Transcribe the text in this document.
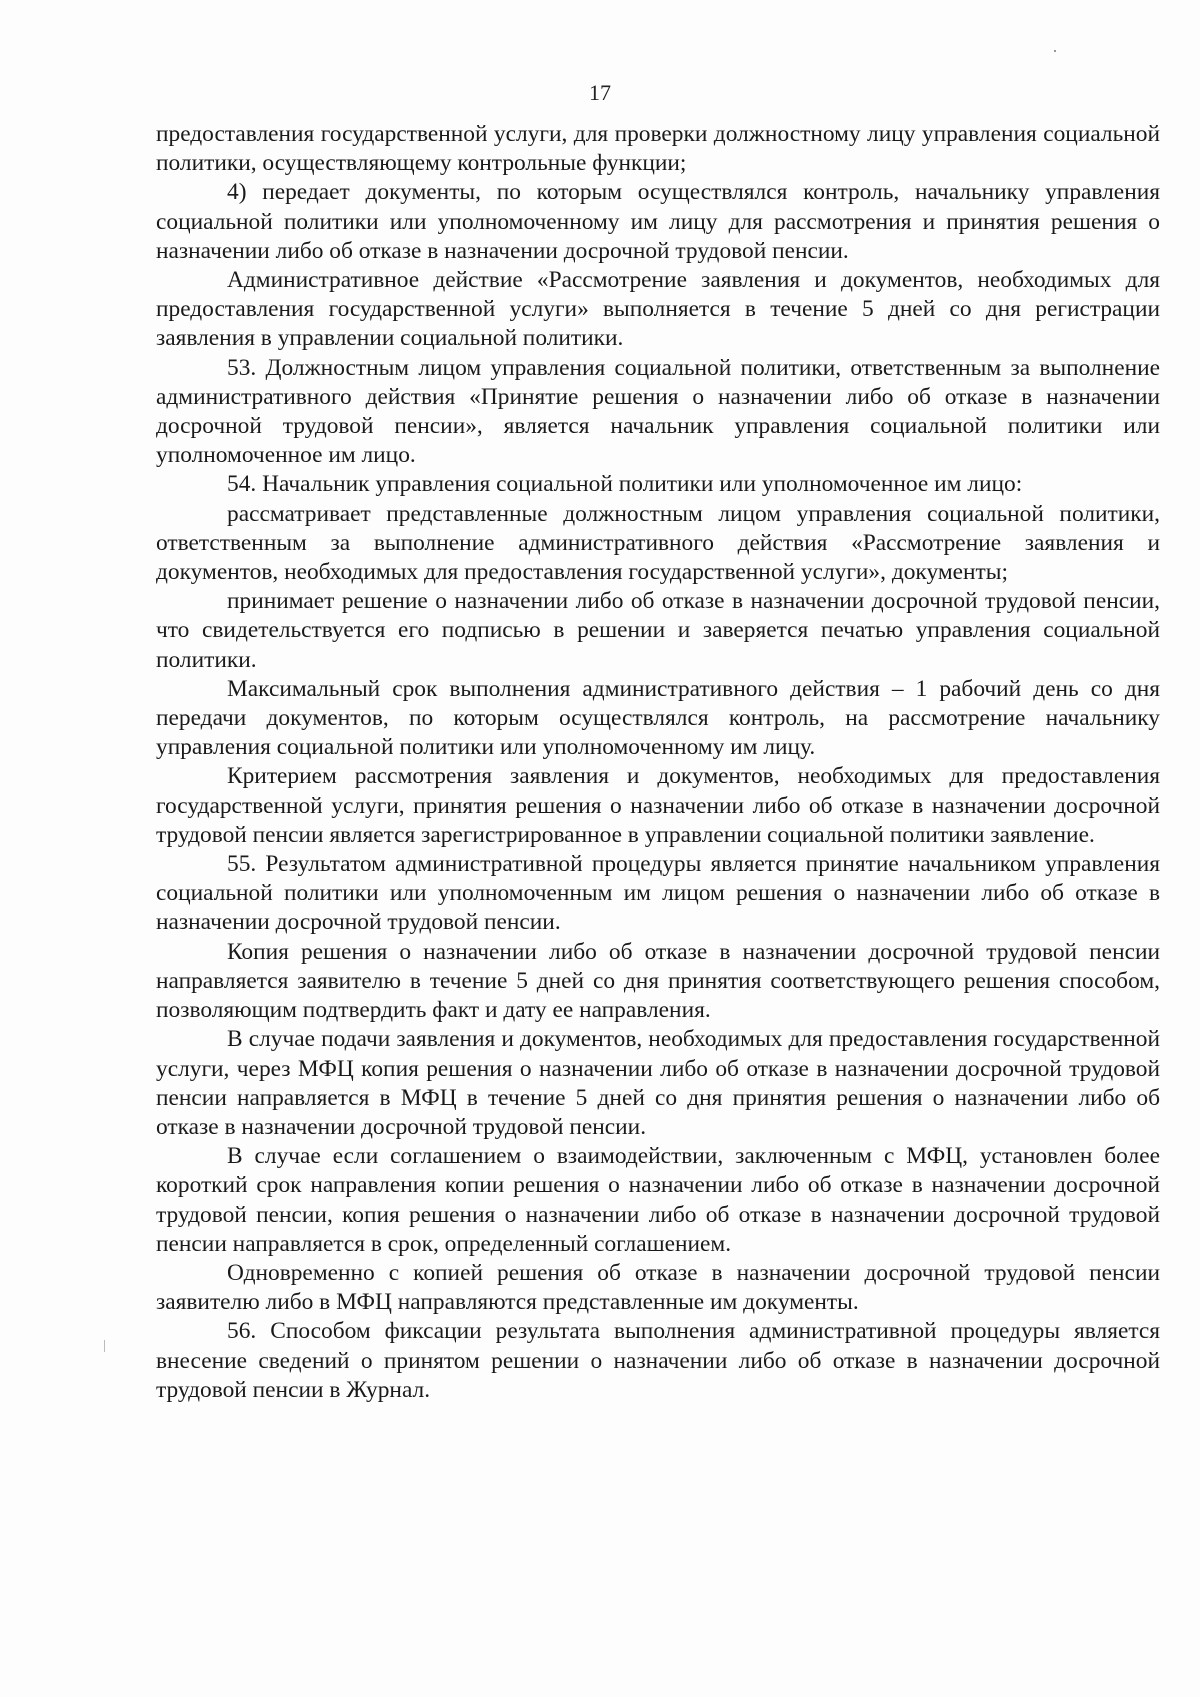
17

предоставления государственной услуги, для проверки должностному лицу управления социальной политики, осуществляющему контрольные функции;

4) передает документы, по которым осуществлялся контроль, начальнику управления социальной политики или уполномоченному им лицу для рассмотрения и принятия решения о назначении либо об отказе в назначении досрочной трудовой пенсии.

Административное действие «Рассмотрение заявления и документов, необходимых для предоставления государственной услуги» выполняется в течение 5 дней со дня регистрации заявления в управлении социальной политики.

53. Должностным лицом управления социальной политики, ответственным за выполнение административного действия «Принятие решения о назначении либо об отказе в назначении досрочной трудовой пенсии», является начальник управления социальной политики или уполномоченное им лицо.

54. Начальник управления социальной политики или уполномоченное им лицо:

рассматривает представленные должностным лицом управления социальной политики, ответственным за выполнение административного действия «Рассмотрение заявления и документов, необходимых для предоставления государственной услуги», документы;

принимает решение о назначении либо об отказе в назначении досрочной трудовой пенсии, что свидетельствуется его подписью в решении и заверяется печатью управления социальной политики.

Максимальный срок выполнения административного действия – 1 рабочий день со дня передачи документов, по которым осуществлялся контроль, на рассмотрение начальнику управления социальной политики или уполномоченному им лицу.

Критерием рассмотрения заявления и документов, необходимых для предоставления государственной услуги, принятия решения о назначении либо об отказе в назначении досрочной трудовой пенсии является зарегистрированное в управлении социальной политики заявление.

55. Результатом административной процедуры является принятие начальником управления социальной политики или уполномоченным им лицом решения о назначении либо об отказе в назначении досрочной трудовой пенсии.

Копия решения о назначении либо об отказе в назначении досрочной трудовой пенсии направляется заявителю в течение 5 дней со дня принятия соответствующего решения способом, позволяющим подтвердить факт и дату ее направления.

В случае подачи заявления и документов, необходимых для предоставления государственной услуги, через МФЦ копия решения о назначении либо об отказе в назначении досрочной трудовой пенсии направляется в МФЦ в течение 5 дней со дня принятия решения о назначении либо об отказе в назначении досрочной трудовой пенсии.

В случае если соглашением о взаимодействии, заключенным с МФЦ, установлен более короткий срок направления копии решения о назначении либо об отказе в назначении досрочной трудовой пенсии, копия решения о назначении либо об отказе в назначении досрочной трудовой пенсии направляется в срок, определенный соглашением.

Одновременно с копией решения об отказе в назначении досрочной трудовой пенсии заявителю либо в МФЦ направляются представленные им документы.

56. Способом фиксации результата выполнения административной процедуры является внесение сведений о принятом решении о назначении либо об отказе в назначении досрочной трудовой пенсии в Журнал.
